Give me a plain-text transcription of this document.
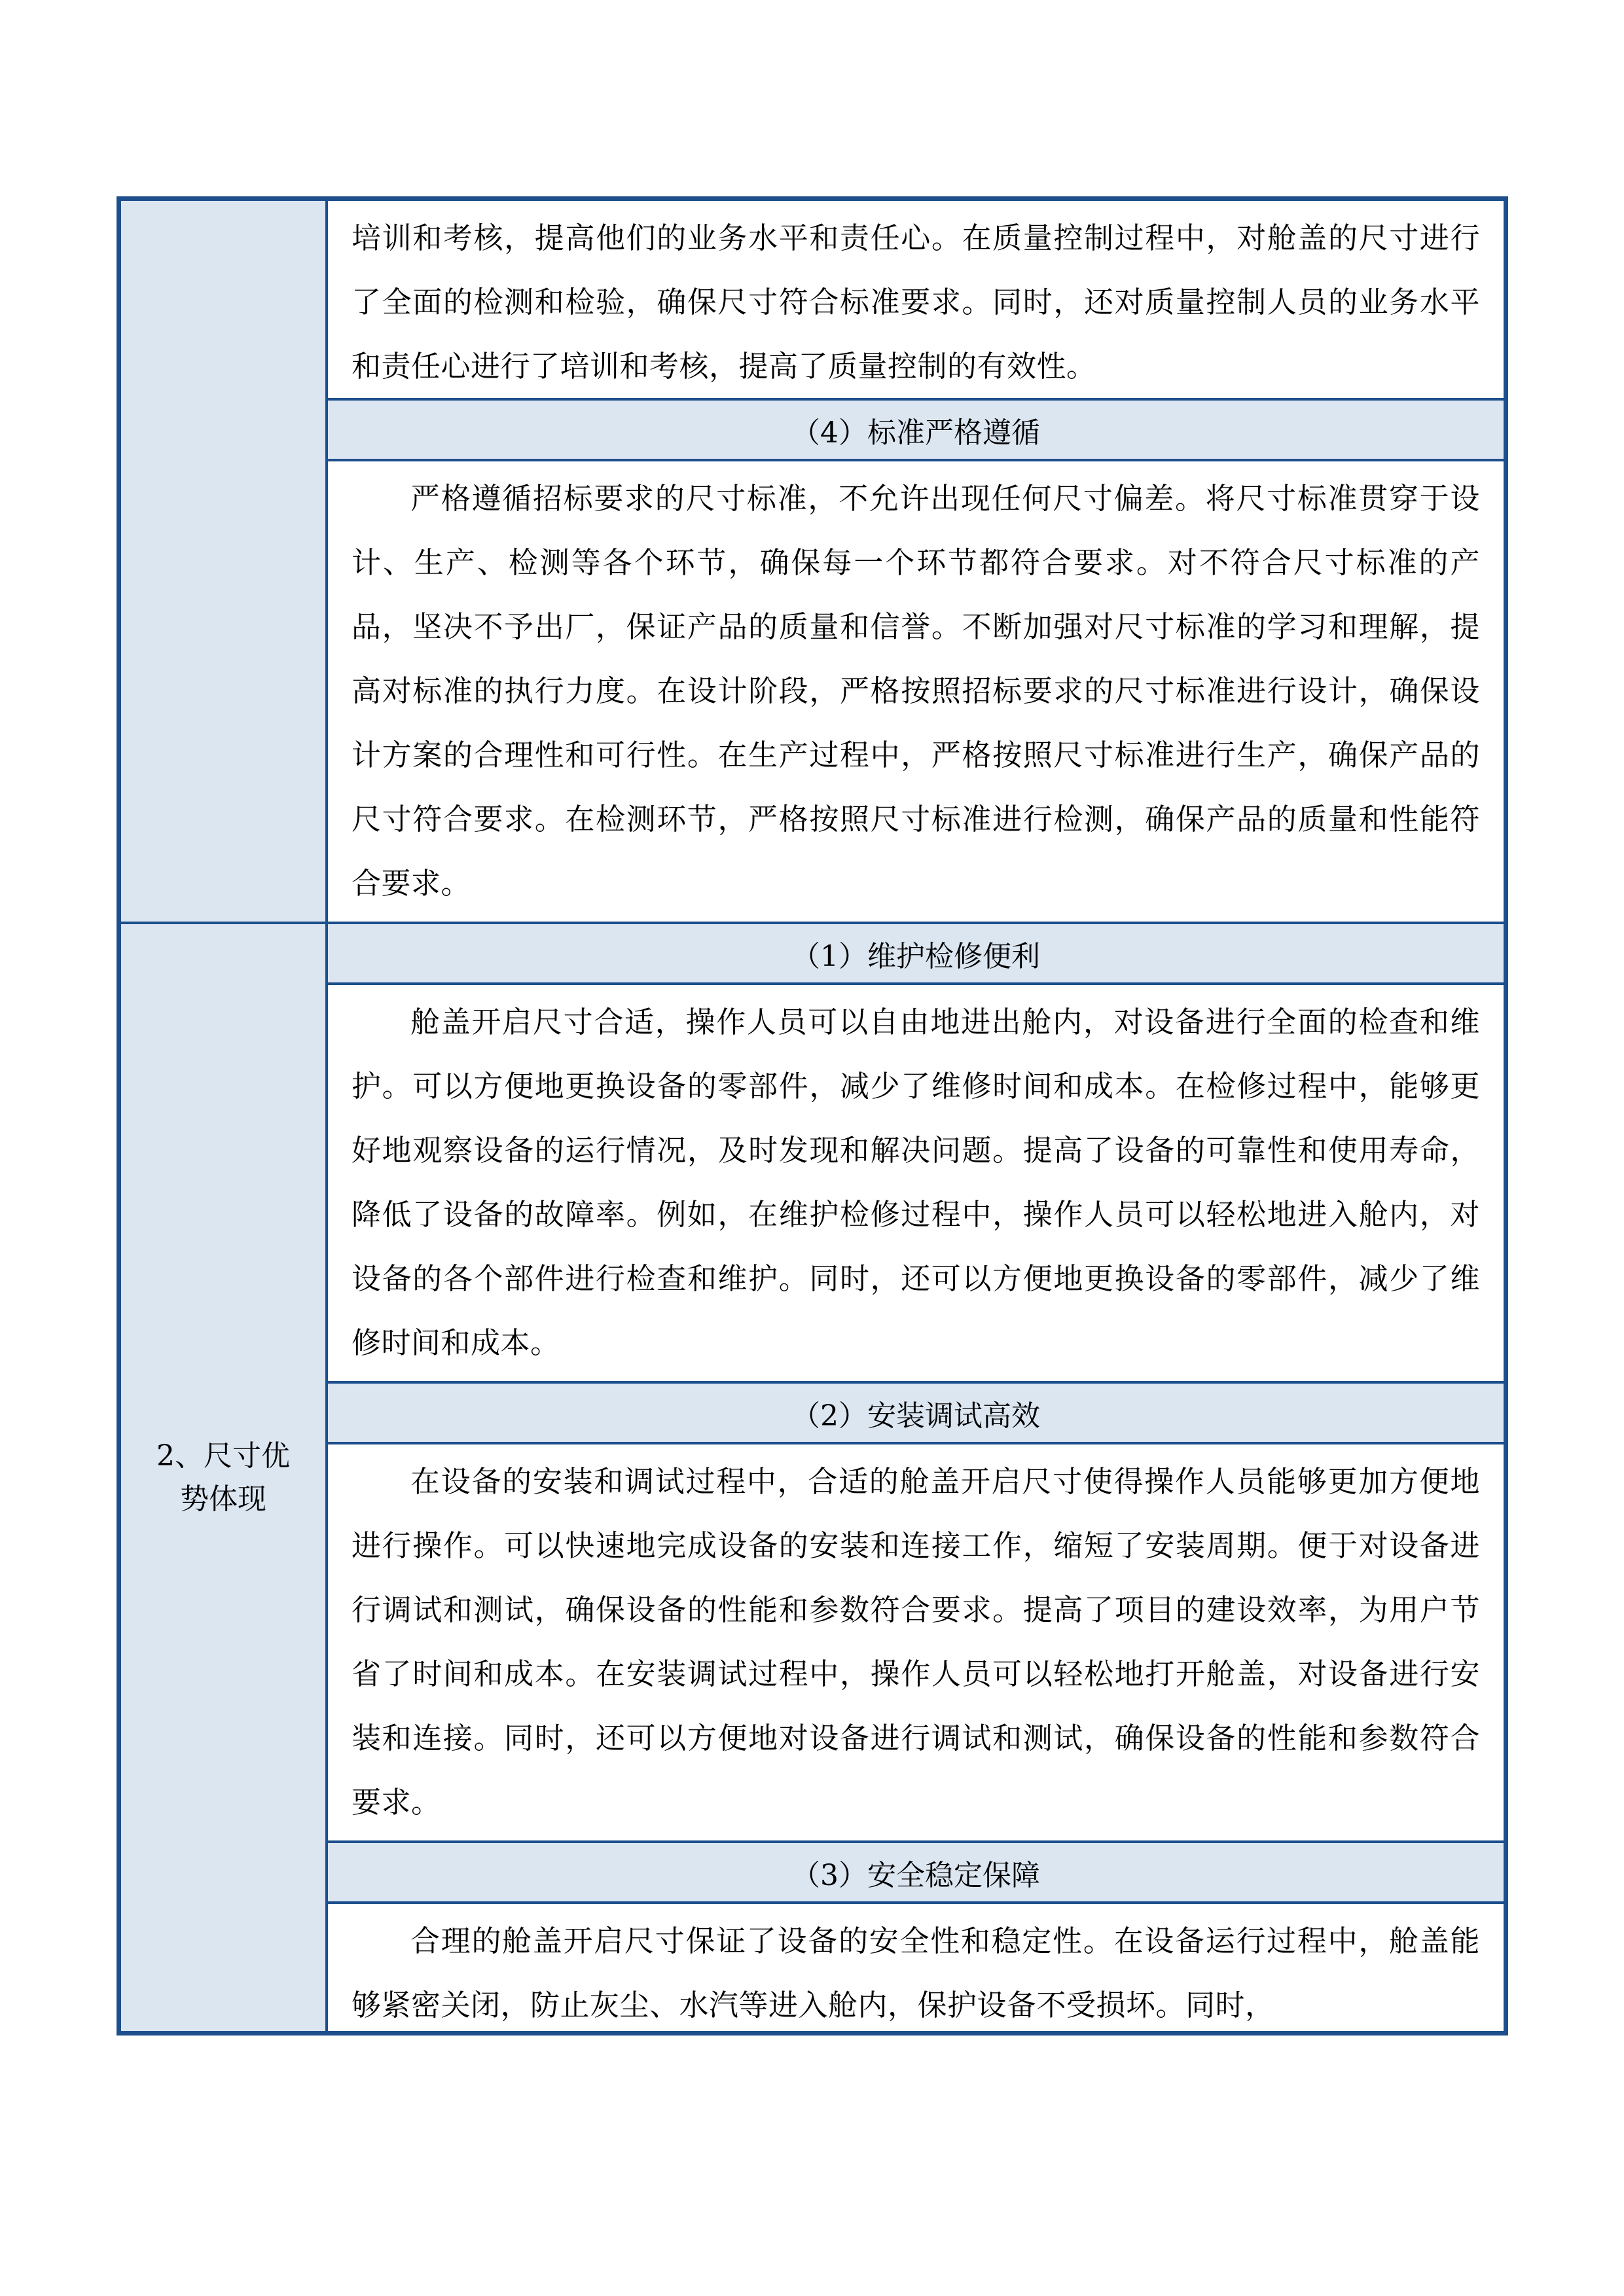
2、尺寸优势体现

培训和考核，提高他们的业务水平和责任心。在质量控制过程中，对舱盖的尺寸进行了全面的检测和检验，确保尺寸符合标准要求。同时，还对质量控制人员的业务水平和责任心进行了培训和考核，提高了质量控制的有效性。

（4）标准严格遵循

严格遵循招标要求的尺寸标准，不允许出现任何尺寸偏差。将尺寸标准贯穿于设计、生产、检测等各个环节，确保每一个环节都符合要求。对不符合尺寸标准的产品，坚决不予出厂，保证产品的质量和信誉。不断加强对尺寸标准的学习和理解，提高对标准的执行力度。在设计阶段，严格按照招标要求的尺寸标准进行设计，确保设计方案的合理性和可行性。在生产过程中，严格按照尺寸标准进行生产，确保产品的尺寸符合要求。在检测环节，严格按照尺寸标准进行检测，确保产品的质量和性能符合要求。

（1）维护检修便利

舱盖开启尺寸合适，操作人员可以自由地进出舱内，对设备进行全面的检查和维护。可以方便地更换设备的零部件，减少了维修时间和成本。在检修过程中，能够更好地观察设备的运行情况，及时发现和解决问题。提高了设备的可靠性和使用寿命，降低了设备的故障率。例如，在维护检修过程中，操作人员可以轻松地进入舱内，对设备的各个部件进行检查和维护。同时，还可以方便地更换设备的零部件，减少了维修时间和成本。

（2）安装调试高效

在设备的安装和调试过程中，合适的舱盖开启尺寸使得操作人员能够更加方便地进行操作。可以快速地完成设备的安装和连接工作，缩短了安装周期。便于对设备进行调试和测试，确保设备的性能和参数符合要求。提高了项目的建设效率，为用户节省了时间和成本。在安装调试过程中，操作人员可以轻松地打开舱盖，对设备进行安装和连接。同时，还可以方便地对设备进行调试和测试，确保设备的性能和参数符合要求。

（3）安全稳定保障

合理的舱盖开启尺寸保证了设备的安全性和稳定性。在设备运行过程中，舱盖能够紧密关闭，防止灰尘、水汽等进入舱内，保护设备不受损坏。同时，
